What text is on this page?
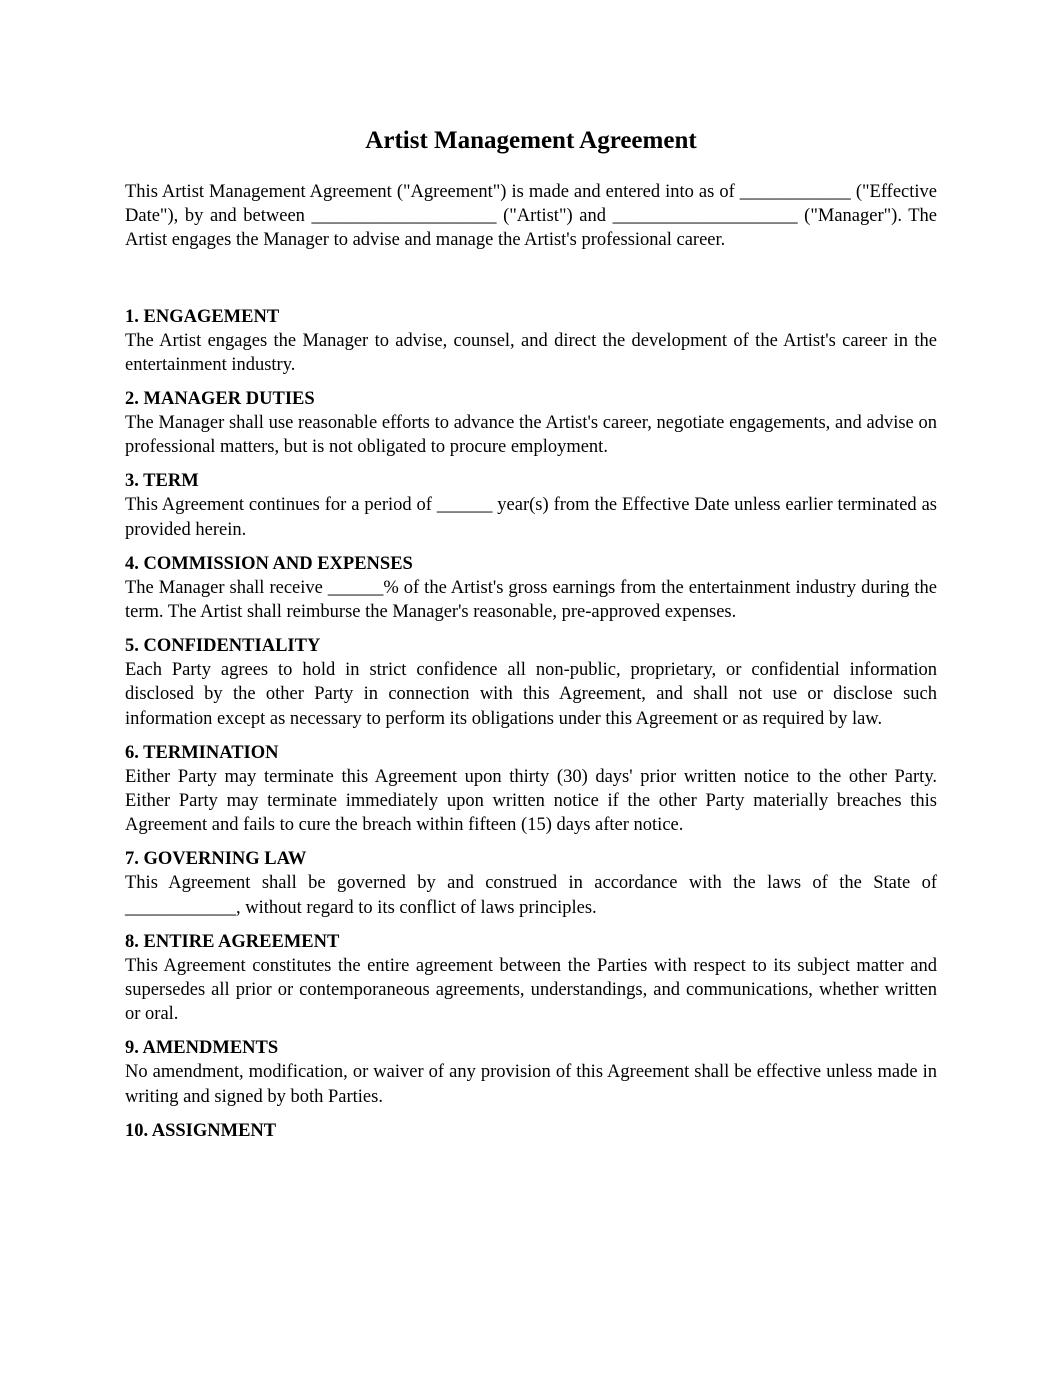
Artist Management Agreement

This Artist Management Agreement ("Agreement") is made and entered into as of ____________ ("Effective Date"), by and between ____________________ ("Artist") and ____________________ ("Manager"). The Artist engages the Manager to advise and manage the Artist's professional career.

1. ENGAGEMENT

The Artist engages the Manager to advise, counsel, and direct the development of the Artist's career in the entertainment industry.

2. MANAGER DUTIES

The Manager shall use reasonable efforts to advance the Artist's career, negotiate engagements, and advise on professional matters, but is not obligated to procure employment.

3. TERM

This Agreement continues for a period of ______ year(s) from the Effective Date unless earlier terminated as provided herein.

4. COMMISSION AND EXPENSES

The Manager shall receive ______% of the Artist's gross earnings from the entertainment industry during the term. The Artist shall reimburse the Manager's reasonable, pre-approved expenses.

5. CONFIDENTIALITY

Each Party agrees to hold in strict confidence all non-public, proprietary, or confidential information disclosed by the other Party in connection with this Agreement, and shall not use or disclose such information except as necessary to perform its obligations under this Agreement or as required by law.

6. TERMINATION

Either Party may terminate this Agreement upon thirty (30) days' prior written notice to the other Party. Either Party may terminate immediately upon written notice if the other Party materially breaches this Agreement and fails to cure the breach within fifteen (15) days after notice.

7. GOVERNING LAW

This Agreement shall be governed by and construed in accordance with the laws of the State of ____________, without regard to its conflict of laws principles.

8. ENTIRE AGREEMENT

This Agreement constitutes the entire agreement between the Parties with respect to its subject matter and supersedes all prior or contemporaneous agreements, understandings, and communications, whether written or oral.

9. AMENDMENTS

No amendment, modification, or waiver of any provision of this Agreement shall be effective unless made in writing and signed by both Parties.

10. ASSIGNMENT
